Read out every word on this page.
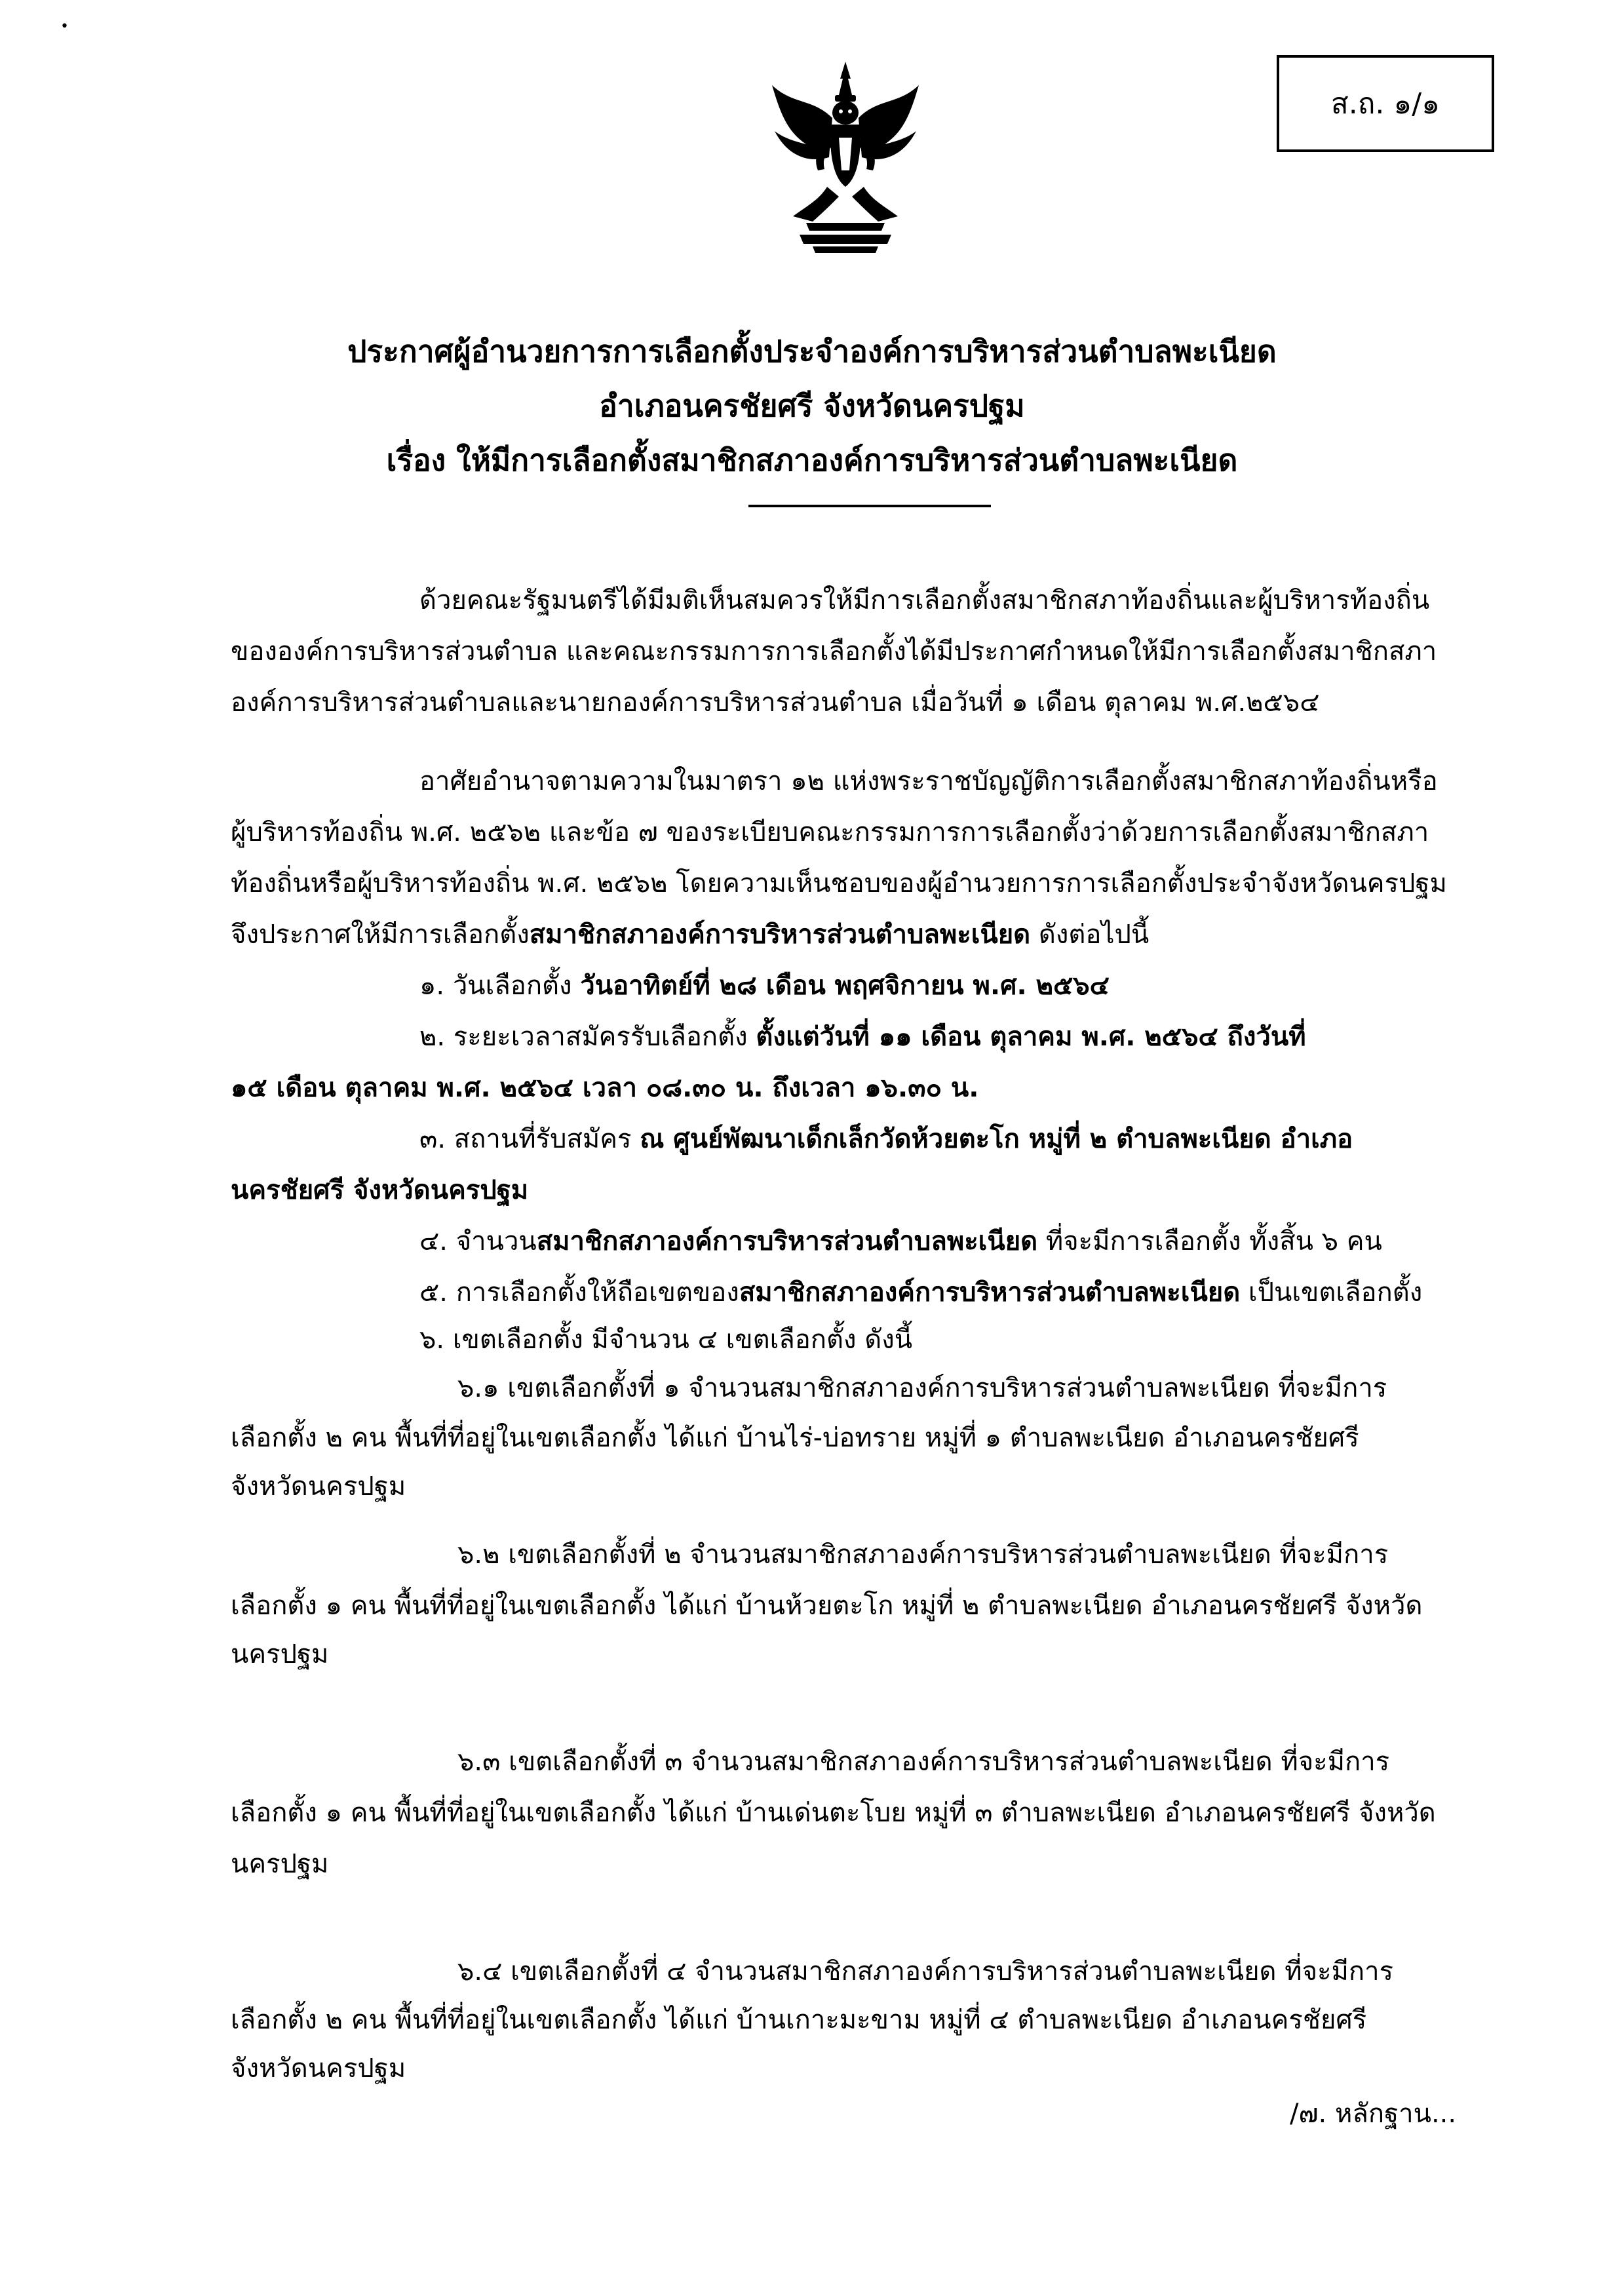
•
ส.ถ. ๑/๑
ประกาศผู้อำนวยการการเลือกตั้งประจำองค์การบริหารส่วนตำบลพะเนียด
อำเภอนครชัยศรี จังหวัดนครปฐม
เรื่อง ให้มีการเลือกตั้งสมาชิกสภาองค์การบริหารส่วนตำบลพะเนียด
ด้วยคณะรัฐมนตรีได้มีมติเห็นสมควรให้มีการเลือกตั้งสมาชิกสภาท้องถิ่นและผู้บริหารท้องถิ่น
ขององค์การบริหารส่วนตำบล และคณะกรรมการการเลือกตั้งได้มีประกาศกำหนดให้มีการเลือกตั้งสมาชิกสภา
องค์การบริหารส่วนตำบลและนายกองค์การบริหารส่วนตำบล เมื่อวันที่ ๑ เดือน ตุลาคม พ.ศ.๒๕๖๔
อาศัยอำนาจตามความในมาตรา ๑๒ แห่งพระราชบัญญัติการเลือกตั้งสมาชิกสภาท้องถิ่นหรือ
ผู้บริหารท้องถิ่น พ.ศ. ๒๕๖๒ และข้อ ๗ ของระเบียบคณะกรรมการการเลือกตั้งว่าด้วยการเลือกตั้งสมาชิกสภา
ท้องถิ่นหรือผู้บริหารท้องถิ่น พ.ศ. ๒๕๖๒ โดยความเห็นชอบของผู้อำนวยการการเลือกตั้งประจำจังหวัดนครปฐม
จึงประกาศให้มีการเลือกตั้งสมาชิกสภาองค์การบริหารส่วนตำบลพะเนียด ดังต่อไปนี้
๑. วันเลือกตั้ง วันอาทิตย์ที่ ๒๘ เดือน พฤศจิกายน พ.ศ. ๒๕๖๔
๒. ระยะเวลาสมัครรับเลือกตั้ง ตั้งแต่วันที่ ๑๑ เดือน ตุลาคม พ.ศ. ๒๕๖๔ ถึงวันที่
๑๕ เดือน ตุลาคม พ.ศ. ๒๕๖๔ เวลา ๐๘.๓๐ น. ถึงเวลา ๑๖.๓๐ น.
๓. สถานที่รับสมัคร ณ ศูนย์พัฒนาเด็กเล็กวัดห้วยตะโก หมู่ที่ ๒ ตำบลพะเนียด อำเภอ
นครชัยศรี จังหวัดนครปฐม
๔. จำนวนสมาชิกสภาองค์การบริหารส่วนตำบลพะเนียด ที่จะมีการเลือกตั้ง ทั้งสิ้น ๖ คน
๕. การเลือกตั้งให้ถือเขตของสมาชิกสภาองค์การบริหารส่วนตำบลพะเนียด เป็นเขตเลือกตั้ง
๖. เขตเลือกตั้ง มีจำนวน ๔ เขตเลือกตั้ง ดังนี้
๖.๑ เขตเลือกตั้งที่ ๑ จำนวนสมาชิกสภาองค์การบริหารส่วนตำบลพะเนียด ที่จะมีการ
เลือกตั้ง ๒ คน พื้นที่ที่อยู่ในเขตเลือกตั้ง ได้แก่ บ้านไร่-บ่อทราย หมู่ที่ ๑ ตำบลพะเนียด อำเภอนครชัยศรี
จังหวัดนครปฐม
๖.๒ เขตเลือกตั้งที่ ๒ จำนวนสมาชิกสภาองค์การบริหารส่วนตำบลพะเนียด ที่จะมีการ
เลือกตั้ง ๑ คน พื้นที่ที่อยู่ในเขตเลือกตั้ง ได้แก่ บ้านห้วยตะโก หมู่ที่ ๒ ตำบลพะเนียด อำเภอนครชัยศรี จังหวัด
นครปฐม
๖.๓ เขตเลือกตั้งที่ ๓ จำนวนสมาชิกสภาองค์การบริหารส่วนตำบลพะเนียด ที่จะมีการ
เลือกตั้ง ๑ คน พื้นที่ที่อยู่ในเขตเลือกตั้ง ได้แก่ บ้านเด่นตะโบย หมู่ที่ ๓ ตำบลพะเนียด อำเภอนครชัยศรี จังหวัด
นครปฐม
๖.๔ เขตเลือกตั้งที่ ๔ จำนวนสมาชิกสภาองค์การบริหารส่วนตำบลพะเนียด ที่จะมีการ
เลือกตั้ง ๒ คน พื้นที่ที่อยู่ในเขตเลือกตั้ง ได้แก่ บ้านเกาะมะขาม หมู่ที่ ๔ ตำบลพะเนียด อำเภอนครชัยศรี
จังหวัดนครปฐม
/๗. หลักฐาน...
